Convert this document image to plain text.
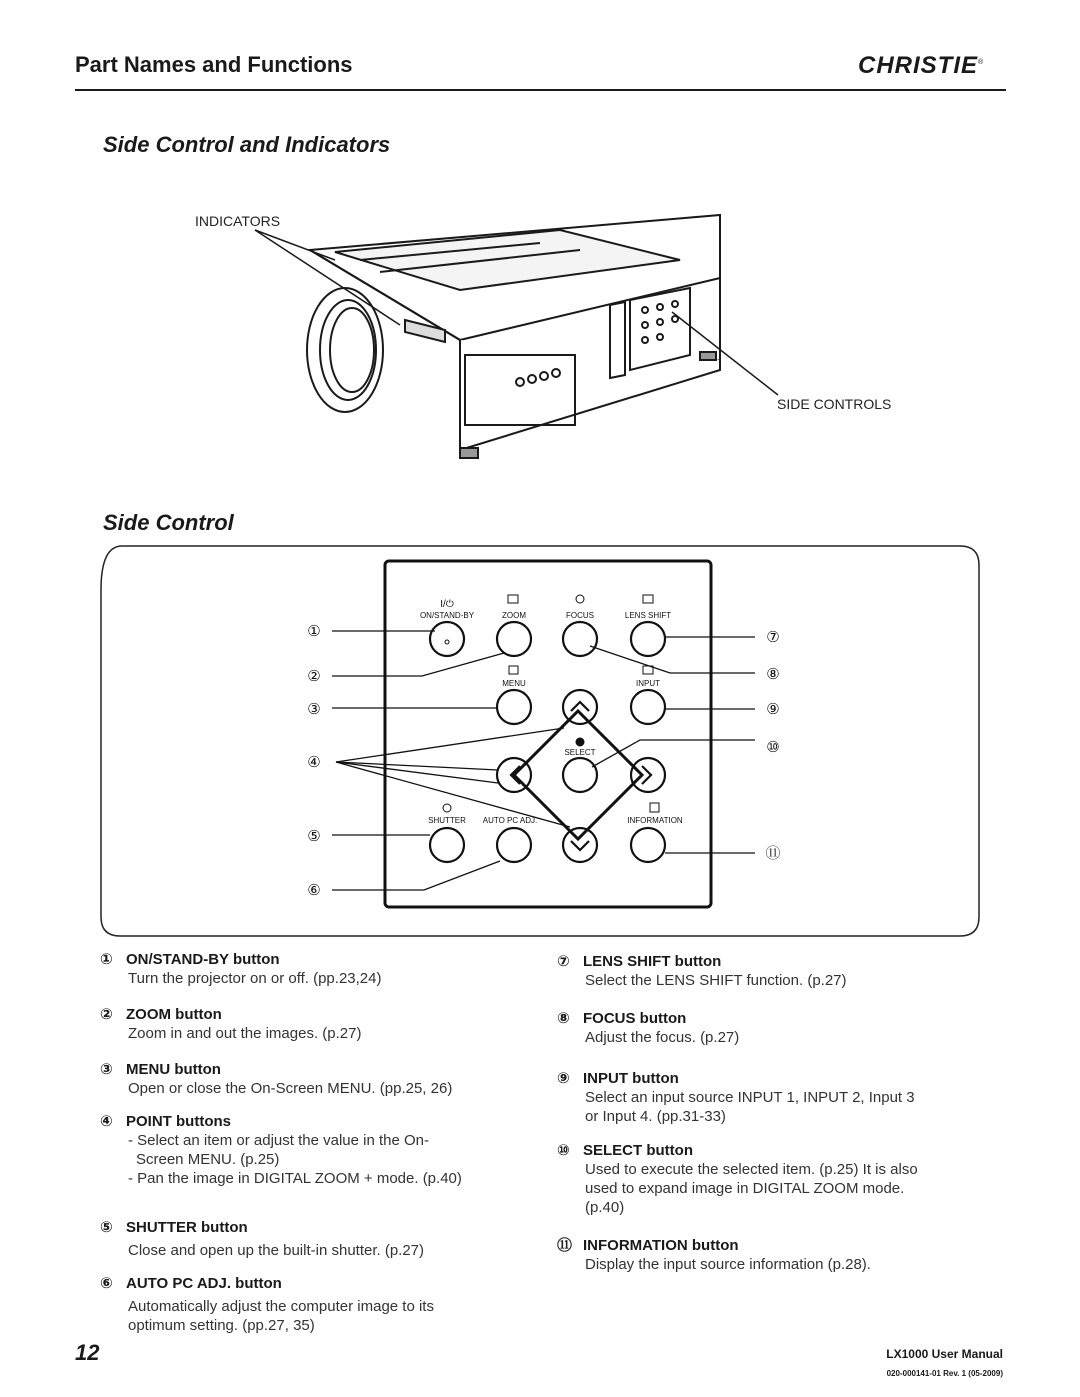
Part Names and Functions	CHRISTIE®
Side Control and Indicators
INDICATORS
SIDE CONTROLS
Side Control
ON/STAND-BY	ZOOM	FOCUS	LENS SHIFT
MENU	INPUT
SELECT
SHUTTER AUTO PC ADJ.	INFORMATION
I/⏻
①
②
③
④
⑤
⑥
⑦
⑧
⑨
⑩
⑪
① ON/STAND-BY button
Turn the projector on or off. (pp.23,24)
② ZOOM button
Zoom in and out the images. (p.27)
③ MENU button
Open or close the On-Screen MENU. (pp.25, 26)
④ POINT buttons
- Select an item or adjust the value in the On-
Screen MENU. (p.25)
- Pan the image in DIGITAL ZOOM + mode. (p.40)
⑤ SHUTTER button
Close and open up the built-in shutter. (p.27)
⑥ AUTO PC ADJ. button
Automatically adjust the computer image to its
optimum setting. (pp.27, 35)
⑦ LENS SHIFT button
Select the LENS SHIFT function. (p.27)
⑧ FOCUS button
Adjust the focus. (p.27)
⑨ INPUT button
Select an input source INPUT 1, INPUT 2, Input 3
or Input 4. (pp.31-33)
⑩ SELECT button
Used to execute the selected item. (p.25) It is also
used to expand image in DIGITAL ZOOM mode.
(p.40)
⑪ INFORMATION button
Display the input source information (p.28).
12	LX1000 User Manual
020-000141-01 Rev. 1 (05-2009)
